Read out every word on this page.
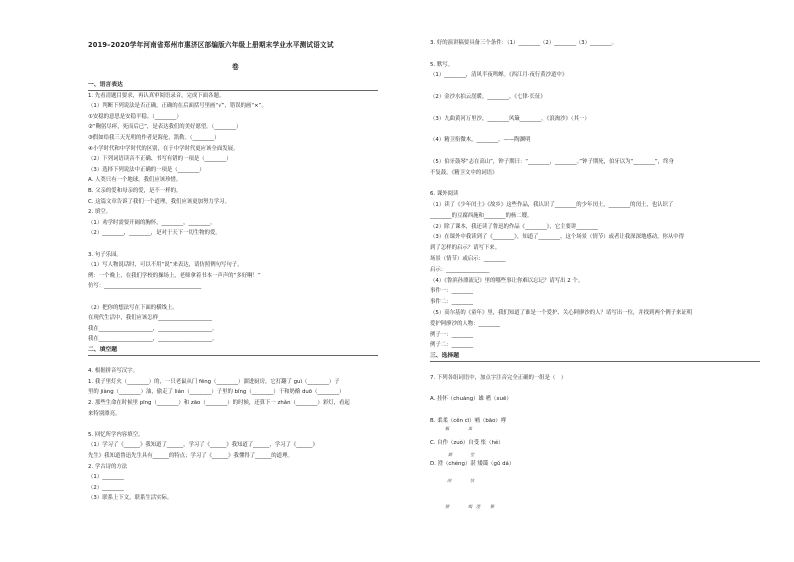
一、语言表达
1. 先看清题目要求，再认真审阅语录音，完成下面各题。
（1）判断下列说法是否正确，正确的在后面括号里画“√”，错误的画“×”。
①安稳的意思是安稳平稳。（________）
②“鞠躬尽瘁，死而后已”，是表达我们的美好愿望。（________）
③假如给我三天光明的作者是海伦，凯勒。（________）
④小学时代和中学时代的区别，在于中学时代更应该全面发展。
（2）下列词语读音不正确、书写有错的一项是（________）
（3）选择下列说法中正确的一项是（________）
A. 人类只有一个地球，我们应该珍惜。
B. 父亲的爱和母亲的爱，是不一样的。
C. 这篇文章告诉了我们一个道理，我们应该更加努力学习。
2. 填空。
（1）劝学时需要开阔的胸怀，________，________。
（2）________，________，是对于天下一切生物的爱。
3. 句子乐园。
（1）写人物说话时，可以不用“说”来表达，请仿照例句写句子。
例：一个晚上，在我们学校的操场上，老师拿着书本一声声的“多好啊！”
仿写：____________________________________
（2）把你的想法写在下面的横线上。
在现代生活中，我们应该怎样____________________
我在____________________，____________________。
我在____________________，____________________。
二、填空题
4. 根据拼音写汉字。
1. 我子里灯火（________）的，一只老鼠从门 fēng（________）溜进厨房，它打翻了 guì（________）子
里的 jiàng（________）油，偷走了 lián（________）子里的 bǐng（________）干和奶酪 duō（________）
2. 那些生命在时候里 pīng（________）和 zāo（________）的时候，还算下一 zhǎn（________）彩灯，看起
来特别漂亮。
5. 回忆所学内容填空。
（1）学习了《______》我知道了______，学习了《______》我知道了______，学习了《______》
先生》我知道鲁迅先生具有______的特点；学习了《______》我懂得了______的道理。
2. 学古诗的方法
（1）________
（2）________
（3）联系上下文，联系生活实际。
3. 好的演讲稿要具备三个条件：（1）________（2）________（3）________。
5. 默写。
（1）________，清风半夜鸣蝉。《西江月·夜行黄沙道中》
（2）金沙水拍云崖暖，________。《七律·长征》
（3）九曲黄河万里沙，________风簸________。《浪淘沙》（其一）
（4）精卫衔微木，________。——陶渊明
（5）伯牙鼓琴“志在高山”，钟子期曰：“________，________。”钟子期死，伯牙以为“________”，终身
不复鼓。《精卫文中的词语》
6. 课外阅读
（1）读了《少年闰土》《故乡》这些作品，我认识了________的少年闰土，________的闰土，也认识了
________的豆腐西施和________的杨二嫂。
（2）除了课本，我还读了鲁迅的作品《________》，它主要讲________
（3）在课外中我读到了《________》，知道了________，这个场景（情节）或者让我深深地感动，你从中得
到了怎样的启示？请写下来。
场景（情节）或启示：________
启示：________________
（4）《鲁滨孙漂流记》里的哪些事让你难以忘记？请写出 2 个。
事件一：________
事件二：________
（5）高尔基的《童年》里，我们知道了谁是一个爱护、关心阿廖沙的人？请写出一位，并找到两个例子来证明
爱护阿廖沙的人物：________
例子一：________
例子二：________
三、选择题
7. 下列各组词语中，加点字注音完全正确的一组是（　）
A. 挂怀（chuáng）雄 嗜（xuē）
B. 柔柔（cěn cī）哺（bāo）哮
C. 自作（zuò）自受 怅（hè）
D. 澄（chéng）湛 矮霭（gǔ dá）
2019–2020学年河南省郑州市惠济区部编版六年级上册期末学业水平测试语文试
卷
觚	笛
豁	堂
剖	怙
掰	喝 澄 繁
